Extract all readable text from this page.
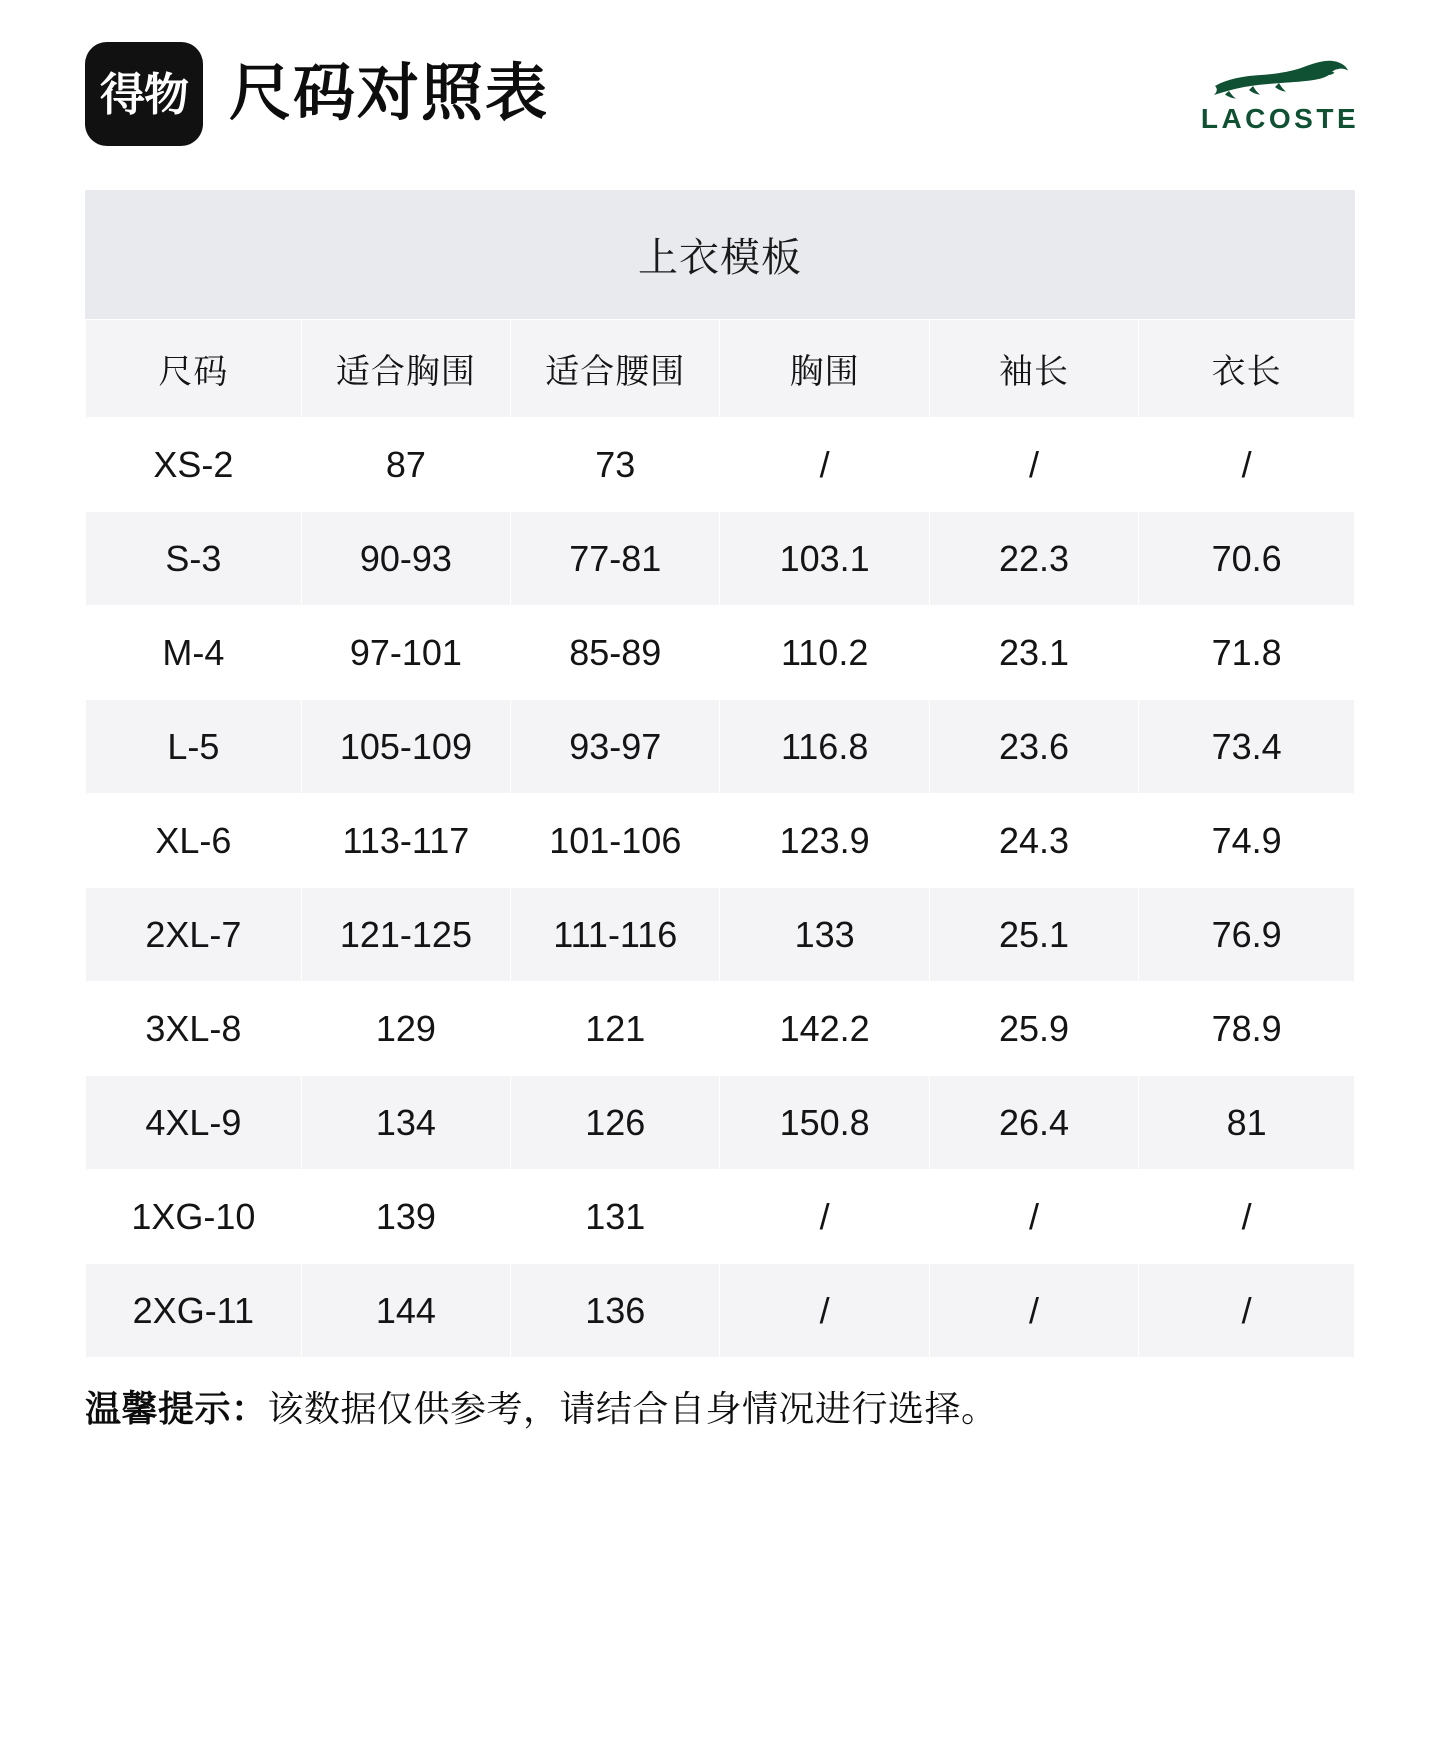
得物 尺码对照表	LACOSTE
上衣模板
尺码	适合胸围	适合腰围	胸围	袖长	衣长
XS-2	87	73	/	/	/
S-3	90-93	77-81	103.1	22.3	70.6
M-4	97-101	85-89	110.2	23.1	71.8
L-5	105-109	93-97	116.8	23.6	73.4
XL-6	113-117	101-106	123.9	24.3	74.9
2XL-7	121-125	111-116	133	25.1	76.9
3XL-8	129	121	142.2	25.9	78.9
4XL-9	134	126	150.8	26.4	81
1XG-10	139	131	/	/	/
2XG-11	144	136	/	/	/
温馨提示：该数据仅供参考，请结合自身情况进行选择。
